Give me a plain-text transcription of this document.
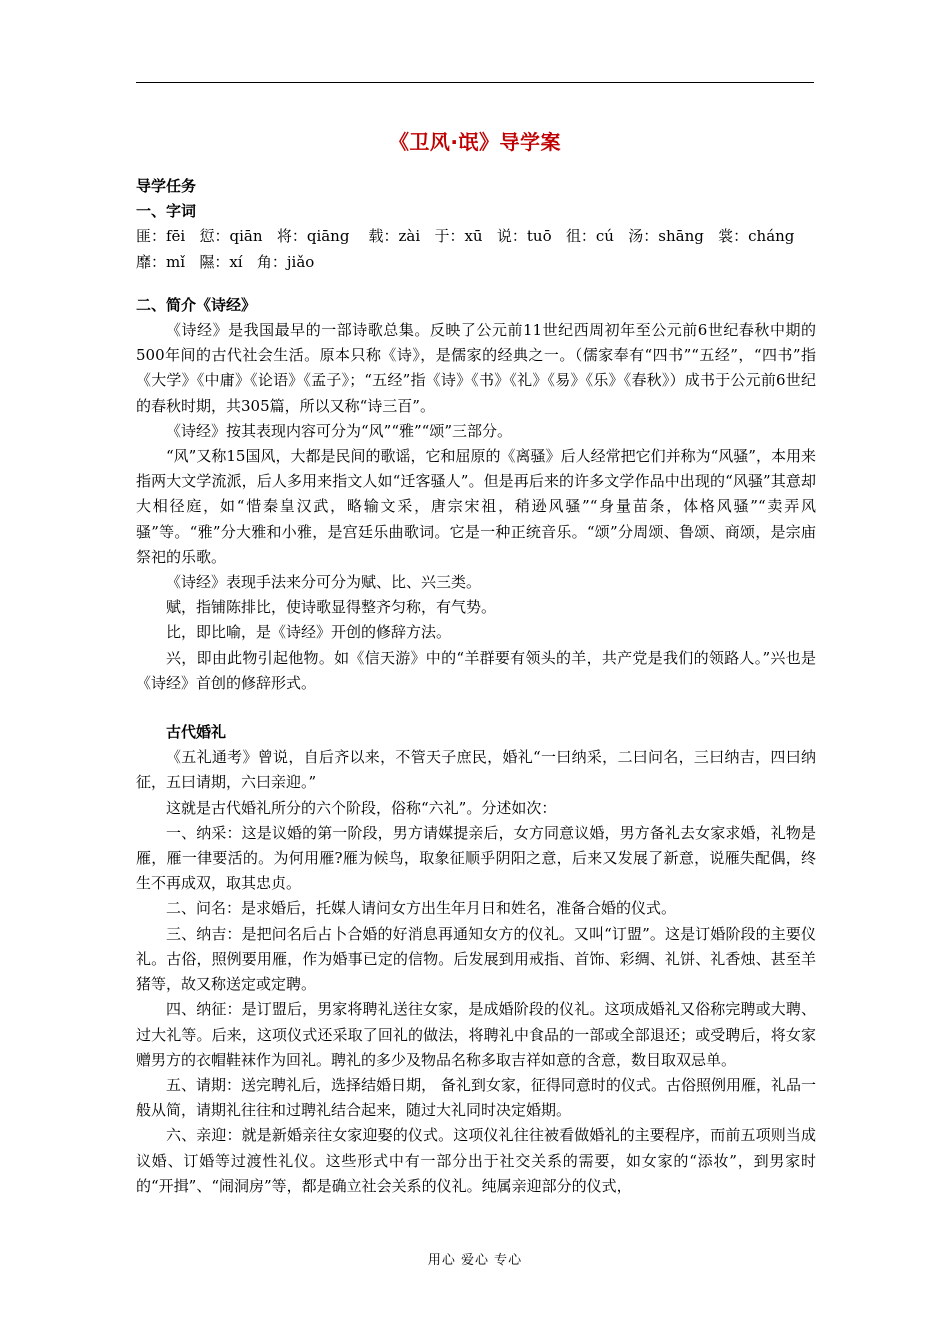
《卫风·氓》导学案
导学任务
一、字词
匪：fēi   愆：qiān   将：qiāng    载：zài   于：xū   说：tuō   徂：cú   汤：shāng   裳：cháng
靡：mǐ   隰：xí   角：jiǎo
二、简介《诗经》
《诗经》是我国最早的一部诗歌总集。反映了公元前11世纪西周初年至公元前6世纪春秋中期的500年间的古代社会生活。原本只称《诗》，是儒家的经典之一。（儒家奉有“四书”“五经”，“四书”指《大学》《中庸》《论语》《孟子》；“五经”指《诗》《书》《礼》《易》《乐》《春秋》）成书于公元前6世纪的春秋时期，共305篇，所以又称“诗三百”。
《诗经》按其表现内容可分为“风”“雅”“颂”三部分。
“风”又称15国风，大都是民间的歌谣，它和屈原的《离骚》后人经常把它们并称为“风骚”，本用来指两大文学流派，后人多用来指文人如“迁客骚人”。但是再后来的许多文学作品中出现的“风骚”其意却大相径庭，如“惜秦皇汉武，略输文采，唐宗宋祖，稍逊风骚”“身量苗条，体格风骚”“卖弄风骚”等。“雅”分大雅和小雅，是宫廷乐曲歌词。它是一种正统音乐。“颂”分周颂、鲁颂、商颂，是宗庙祭祀的乐歌。
《诗经》表现手法来分可分为赋、比、兴三类。
赋，指铺陈排比，使诗歌显得整齐匀称，有气势。
比，即比喻，是《诗经》开创的修辞方法。
兴，即由此物引起他物。如《信天游》中的“羊群要有领头的羊，共产党是我们的领路人。”兴也是《诗经》首创的修辞形式。
古代婚礼
《五礼通考》曾说，自后齐以来，不管天子庶民，婚礼“一曰纳采，二曰问名，三曰纳吉，四曰纳征，五曰请期，六曰亲迎。”
这就是古代婚礼所分的六个阶段，俗称“六礼”。分述如次：
一、纳采：这是议婚的第一阶段，男方请媒提亲后，女方同意议婚，男方备礼去女家求婚，礼物是雁，雁一律要活的。为何用雁?雁为候鸟，取象征顺乎阴阳之意，后来又发展了新意，说雁失配偶，终生不再成双，取其忠贞。
二、问名：是求婚后，托媒人请问女方出生年月日和姓名，准备合婚的仪式。
三、纳吉：是把问名后占卜合婚的好消息再通知女方的仪礼。又叫“订盟”。这是订婚阶段的主要仪礼。古俗，照例要用雁，作为婚事已定的信物。后发展到用戒指、首饰、彩绸、礼饼、礼香烛、甚至羊猪等，故又称送定或定聘。
四、纳征：是订盟后，男家将聘礼送往女家，是成婚阶段的仪礼。这项成婚礼又俗称完聘或大聘、过大礼等。后来，这项仪式还采取了回礼的做法，将聘礼中食品的一部或全部退还；或受聘后，将女家赠男方的衣帽鞋袜作为回礼。聘礼的多少及物品名称多取吉祥如意的含意，数目取双忌单。
五、请期：送完聘礼后，选择结婚日期， 备礼到女家，征得同意时的仪式。古俗照例用雁，礼品一般从简，请期礼往往和过聘礼结合起来，随过大礼同时决定婚期。
六、亲迎：就是新婚亲往女家迎娶的仪式。这项仪礼往往被看做婚礼的主要程序，而前五项则当成议婚、订婚等过渡性礼仪。这些形式中有一部分出于社交关系的需要，如女家的“添妆”，到男家时的“开揖”、“闹洞房”等，都是确立社会关系的仪礼。纯属亲迎部分的仪式，
用心 爱心 专心
